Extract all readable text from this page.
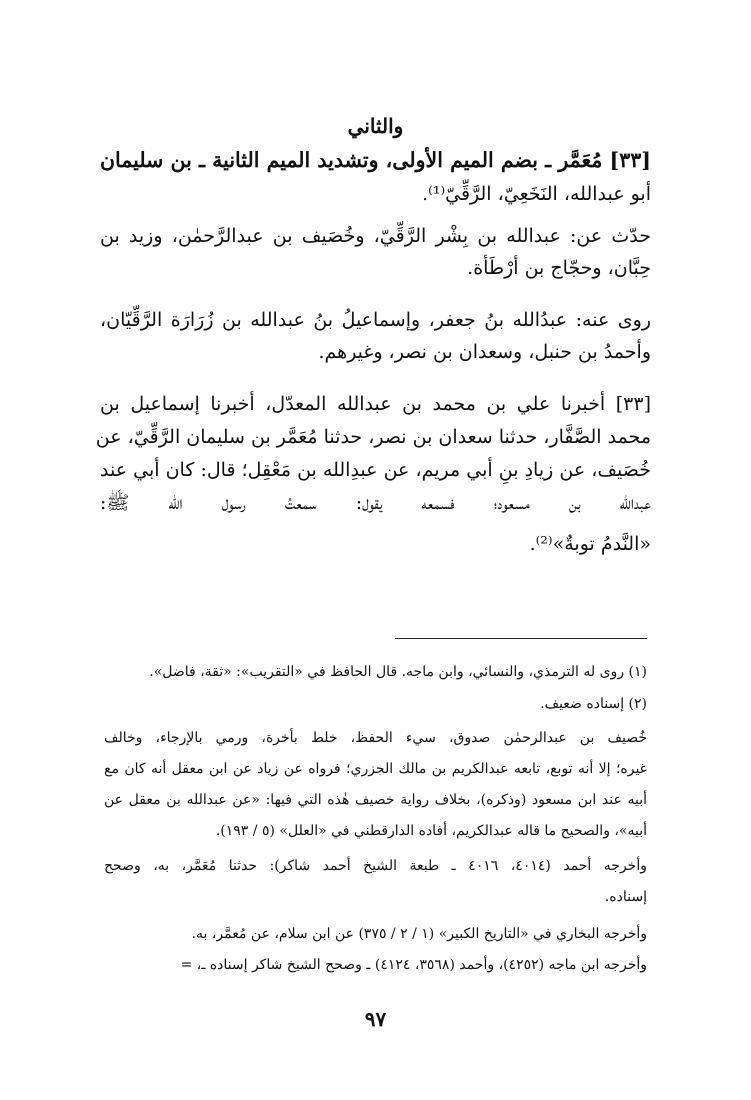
والثاني
[٣٣] مُعَمَّر ـ بضم الميم الأولى، وتشديد الميم الثانية ـ بن سليمان
أبو عبدالله، النَخَعِيّ، الرَّقِّيّ⁽¹⁾.
حدّث عن: عبدالله بن بِشْر الرَّقِّيّ، وخُصَيف بن عبدالرَّحمٰن، وزيد بن
حِبَّان، وحجّاج بن أرْطَأة.
روى عنه: عبدُالله بنُ جعفر، وإسماعيلُ بنُ عبدالله بن زُرَارَة الرَّقِّيّان،
وأحمدُ بن حنبل، وسعدان بن نصر، وغيرهم.
[٣٣] أخبرنا علي بن محمد بن عبدالله المعدّل، أخبرنا إسماعيل بن
محمد الصَّفَّار، حدثنا سعدان بن نصر، حدثنا مُعَمَّر بن سليمان الرَّقِّيّ، عن
خُصَيف، عن زيادِ بنِ أبي مريم، عن عبدِالله بن مَعْقِل؛ قال: كان أبي عند
عبدالله بن مسعود؛ فسمعه يقول: سمعتُ رسول الله ﷺ:
«النَّدمُ توبةٌ»⁽²⁾.
(١) روى له الترمذي، والنسائي، وابن ماجه. قال الحافظ في «التقريب»: «ثقة، فاضل».
(٢) إسناده ضعيف.
خُصيف بن عبدالرحمٰن صدوق، سيء الحفظ، خلط بأخرة، ورمي بالإرجاء، وخالف
غيره؛ إلا أنه توبع، تابعه عبدالكريم بن مالك الجزري؛ فرواه عن زياد عن ابن معقل أنه كان مع
أبيه عند ابن مسعود (وذكره)، بخلاف رواية خصيف هٰذه التي فيها: «عن عبدالله بن معقل عن
أبيه»، والصحيح ما قاله عبدالكريم، أفاده الدارقطني في «العلل» (٥ / ١٩٣).
وأخرجه أحمد (٤٠١٤، ٤٠١٦ ـ طبعة الشيخ أحمد شاكر): حدثنا مُعَمَّر، به، وصحح
إسناده.
وأخرجه البخاري في «التاريخ الكبير» (١ / ٢ / ٣٧٥) عن ابن سلام، عن مُعمَّر، به.
وأخرجه ابن ماجه (٤٢٥٢)، وأحمد (٣٥٦٨، ٤١٢٤) ـ وصحح الشيخ شاكر إسناده ـ، =
٩٧
